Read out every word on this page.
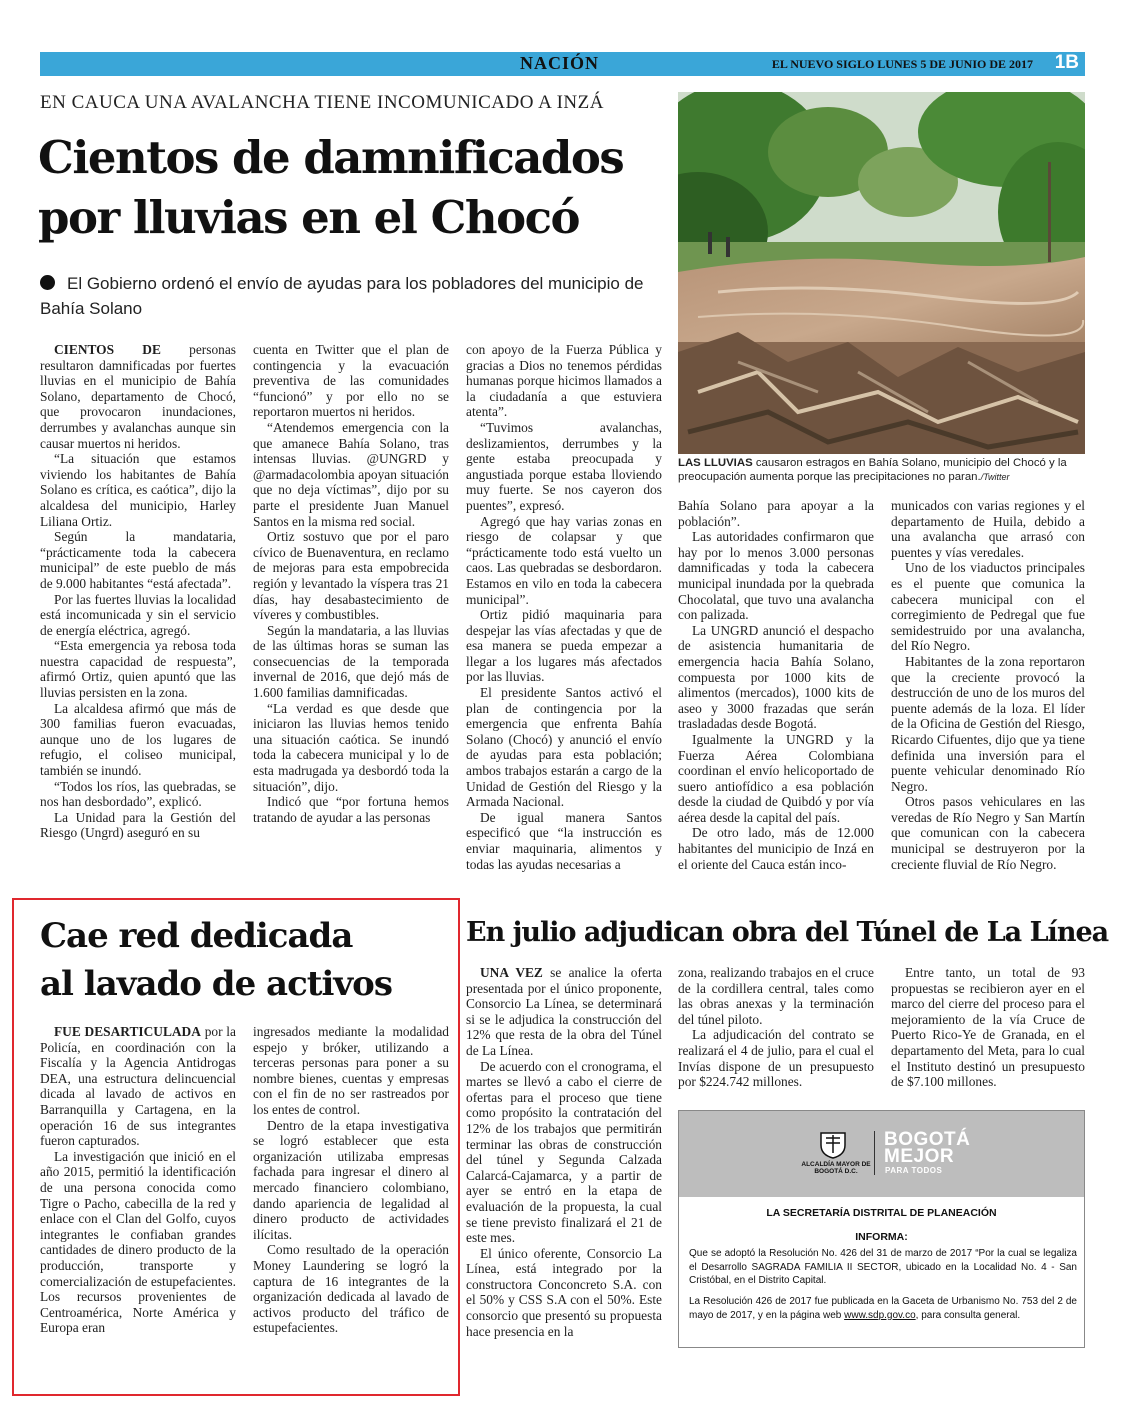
NACIÓN	EL NUEVO SIGLO LUNES 5 DE JUNIO DE 2017 1B
EN CAUCA UNA AVALANCHA TIENE INCOMUNICADO A INZÁ
Cientos de damnificados
por lluvias en el Chocó
El Gobierno ordenó el envío de ayudas para los pobladores del municipio de Bahía Solano

CIENTOS DE personas resultaron damnificadas por fuertes lluvias en el municipio de Bahía Solano, departamento de Chocó, que provocaron inundaciones, derrumbes y avalanchas aunque sin causar muertos ni heridos.

“La situación que estamos viviendo los habitantes de Bahía Solano es crítica, es caótica”, dijo la alcaldesa del municipio, Harley Liliana Ortiz.

Según la mandataria, “prácticamente toda la cabecera municipal” de este pueblo de más de 9.000 habitantes “está afectada”.

Por las fuertes lluvias la localidad está incomunicada y sin el servicio de energía eléctrica, agregó.

“Esta emergencia ya rebosa toda nuestra capacidad de respuesta”, afirmó Ortiz, quien apuntó que las lluvias persisten en la zona.

La alcaldesa afirmó que más de 300 familias fueron evacuadas, aunque uno de los lugares de refugio, el coliseo municipal, también se inundó.

“Todos los ríos, las quebradas, se nos han desbordado”, explicó.

La Unidad para la Gestión del Riesgo (Ungrd) aseguró en su

cuenta en Twitter que el plan de contingencia y la evacuación preventiva de las comunidades “funcionó” y por ello no se reportaron muertos ni heridos.

“Atendemos emergencia con la que amanece Bahía Solano, tras intensas lluvias. @UNGRD y @armadacolombia apoyan situación que no deja víctimas”, dijo por su parte el presidente Juan Manuel Santos en la misma red social.

Ortiz sostuvo que por el paro cívico de Buenaventura, en reclamo de mejoras para esta empobrecida región y levantado la víspera tras 21 días, hay desabastecimiento de víveres y combustibles.

Según la mandataria, a las lluvias de las últimas horas se suman las consecuencias de la temporada invernal de 2016, que dejó más de 1.600 familias damnificadas.

“La verdad es que desde que iniciaron las lluvias hemos tenido una situación caótica. Se inundó toda la cabecera municipal y lo de esta madrugada ya desbordó toda la situación”, dijo.

Indicó que “por fortuna hemos tratando de ayudar a las personas

con apoyo de la Fuerza Pública y gracias a Dios no tenemos pérdidas humanas porque hicimos llamados a la ciudadanía a que estuviera atenta”.

“Tuvimos avalanchas, deslizamientos, derrumbes y la gente estaba preocupada y angustiada porque estaba lloviendo muy fuerte. Se nos cayeron dos puentes”, expresó.

Agregó que hay varias zonas en riesgo de colapsar y que “prácticamente todo está vuelto un caos. Las quebradas se desbordaron. Estamos en vilo en toda la cabecera municipal”.

Ortiz pidió maquinaria para despejar las vías afectadas y que de esa manera se pueda empezar a llegar a los lugares más afectados por las lluvias.

El presidente Santos activó el plan de contingencia por la emergencia que enfrenta Bahía Solano (Chocó) y anunció el envío de ayudas para esta población; ambos trabajos estarán a cargo de la Unidad de Gestión del Riesgo y la Armada Nacional.

De igual manera Santos especificó que “la instrucción es enviar maquinaria, alimentos y todas las ayudas necesarias a

LAS LLUVIAS causaron estragos en Bahía Solano, municipio del Chocó y la preocupación aumenta porque las precipitaciones no paran./Twitter

Bahía Solano para apoyar a la población”.

Las autoridades confirmaron que hay por lo menos 3.000 personas damnificadas y toda la cabecera municipal inundada por la quebrada Chocolatal, que tuvo una avalancha con palizada.

La UNGRD anunció el despacho de asistencia humanitaria de emergencia hacia Bahía Solano, compuesta por 1000 kits de alimentos (mercados), 1000 kits de aseo y 3000 frazadas que serán trasladadas desde Bogotá.

Igualmente la UNGRD y la Fuerza Aérea Colombiana coordinan el envío helicoportado de suero antiofídico a esa población desde la ciudad de Quibdó y por vía aérea desde la capital del país.

De otro lado, más de 12.000 habitantes del municipio de Inzá en el oriente del Cauca están inco-

municados con varias regiones y el departamento de Huila, debido a una avalancha que arrasó con puentes y vías veredales.

Uno de los viaductos principales es el puente que comunica la cabecera municipal con el corregimiento de Pedregal que fue semidestruido por una avalancha, del Río Negro.

Habitantes de la zona reportaron que la creciente provocó la destrucción de uno de los muros del puente además de la loza. El líder de la Oficina de Gestión del Riesgo, Ricardo Cifuentes, dijo que ya tiene definida una inversión para el puente vehicular denominado Río Negro.

Otros pasos vehiculares en las veredas de Río Negro y San Martín que comunican con la cabecera municipal se destruyeron por la creciente fluvial de Río Negro.

Cae red dedicada
al lavado de activos

FUE DESARTICULADA por la Policía, en coordinación con la Fiscalía y la Agencia Antidrogas DEA, una estructura delincuencial dicada al lavado de activos en Barranquilla y Cartagena, en la operación 16 de sus integrantes fueron capturados.

La investigación que inició en el año 2015, permitió la identificación de una persona conocida como Tigre o Pacho, cabecilla de la red y enlace con el Clan del Golfo, cuyos integrantes le confiaban grandes cantidades de dinero producto de la producción, transporte y comercialización de estupefacientes. Los recursos provenientes de Centroamérica, Norte América y Europa eran

ingresados mediante la modalidad espejo y bróker, utilizando a terceras personas para poner a su nombre bienes, cuentas y empresas con el fin de no ser rastreados por los entes de control.

Dentro de la etapa investigativa se logró establecer que esta organización utilizaba empresas fachada para ingresar el dinero al mercado financiero colombiano, dando apariencia de legalidad al dinero producto de actividades ilícitas.

Como resultado de la operación Money Laundering se logró la captura de 16 integrantes de la organización dedicada al lavado de activos producto del tráfico de estupefacientes.

En julio adjudican obra del Túnel de La Línea

UNA VEZ se analice la oferta presentada por el único proponente, Consorcio La Línea, se determinará si se le adjudica la construcción del 12% que resta de la obra del Túnel de La Línea.

De acuerdo con el cronograma, el martes se llevó a cabo el cierre de ofertas para el proceso que tiene como propósito la contratación del 12% de los trabajos que permitirán terminar las obras de construcción del túnel y Segunda Calzada Calarcá-Cajamarca, y a partir de ayer se entró en la etapa de evaluación de la propuesta, la cual se tiene previsto finalizará el 21 de este mes.

El único oferente, Consorcio La Línea, está integrado por la constructora Conconcreto S.A. con el 50% y CSS S.A con el 50%. Este consorcio que presentó su propuesta hace presencia en la

zona, realizando trabajos en el cruce de la cordillera central, tales como las obras anexas y la terminación del túnel piloto.

La adjudicación del contrato se realizará el 4 de julio, para el cual el Invías dispone de un presupuesto por $224.742 millones.

Entre tanto, un total de 93 propuestas se recibieron ayer en el marco del cierre del proceso para el mejoramiento de la vía Cruce de Puerto Rico-Ye de Granada, en el departamento del Meta, para lo cual el Instituto destinó un presupuesto de $7.100 millones.

ALCALDÍA MAYOR DE BOGOTÁ D.C.
BOGOTÁ
MEJOR
PARA TODOS
LA SECRETARÍA DISTRITAL DE PLANEACIÓN
INFORMA:
Que se adoptó la Resolución No. 426 del 31 de marzo de 2017 “Por la cual se legaliza el Desarrollo SAGRADA FAMILIA II SECTOR, ubicado en la Localidad No. 4 - San Cristóbal, en el Distrito Capital.
La Resolución 426 de 2017 fue publicada en la Gaceta de Urbanismo No. 753 del 2 de mayo de 2017, y en la página web www.sdp.gov.co, para consulta general.
